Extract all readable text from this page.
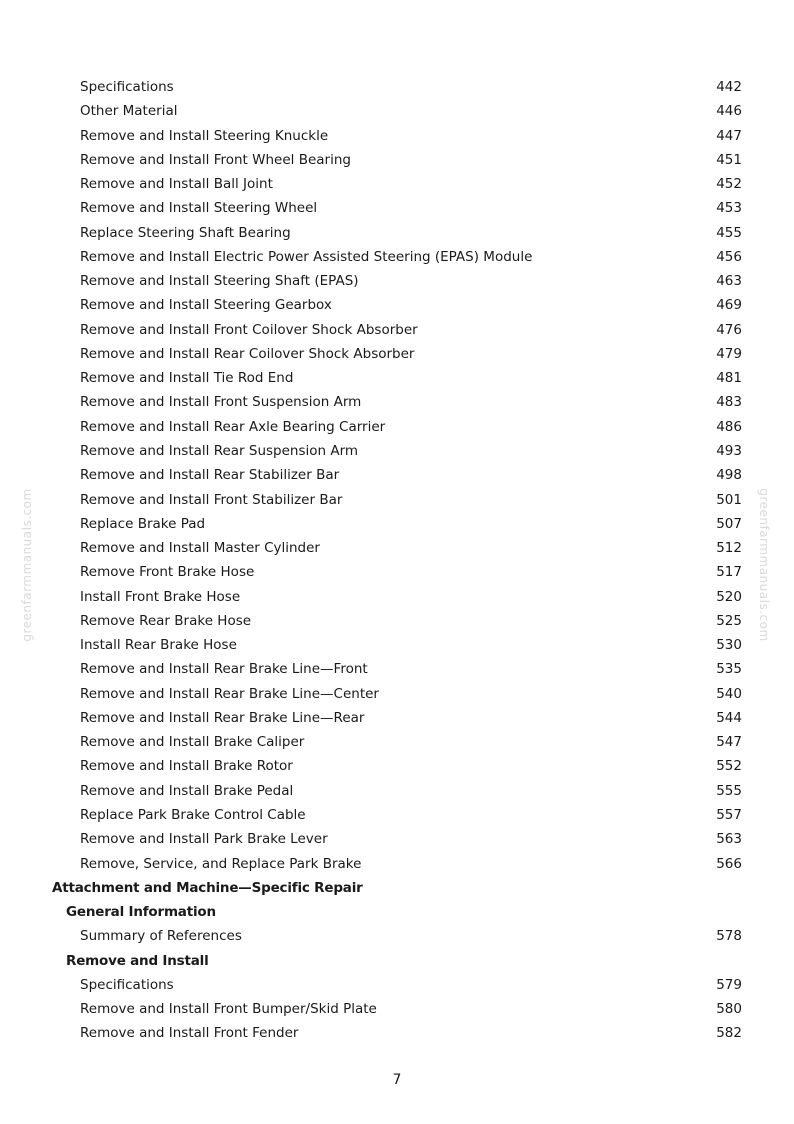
greenfarmmanuals.com	greenfarmmanuals.com
Specifications	442
Other Material	446
Remove and Install Steering Knuckle	447
Remove and Install Front Wheel Bearing	451
Remove and Install Ball Joint	452
Remove and Install Steering Wheel	453
Replace Steering Shaft Bearing	455
Remove and Install Electric Power Assisted Steering (EPAS) Module	456
Remove and Install Steering Shaft (EPAS)	463
Remove and Install Steering Gearbox	469
Remove and Install Front Coilover Shock Absorber	476
Remove and Install Rear Coilover Shock Absorber	479
Remove and Install Tie Rod End	481
Remove and Install Front Suspension Arm	483
Remove and Install Rear Axle Bearing Carrier	486
Remove and Install Rear Suspension Arm	493
Remove and Install Rear Stabilizer Bar	498
Remove and Install Front Stabilizer Bar	501
Replace Brake Pad	507
Remove and Install Master Cylinder	512
Remove Front Brake Hose	517
Install Front Brake Hose	520
Remove Rear Brake Hose	525
Install Rear Brake Hose	530
Remove and Install Rear Brake Line—Front	535
Remove and Install Rear Brake Line—Center	540
Remove and Install Rear Brake Line—Rear	544
Remove and Install Brake Caliper	547
Remove and Install Brake Rotor	552
Remove and Install Brake Pedal	555
Replace Park Brake Control Cable	557
Remove and Install Park Brake Lever	563
Remove, Service, and Replace Park Brake	566
Attachment and Machine—Specific Repair
General Information
Summary of References	578
Remove and Install
Specifications	579
Remove and Install Front Bumper/Skid Plate	580
Remove and Install Front Fender	582
7
